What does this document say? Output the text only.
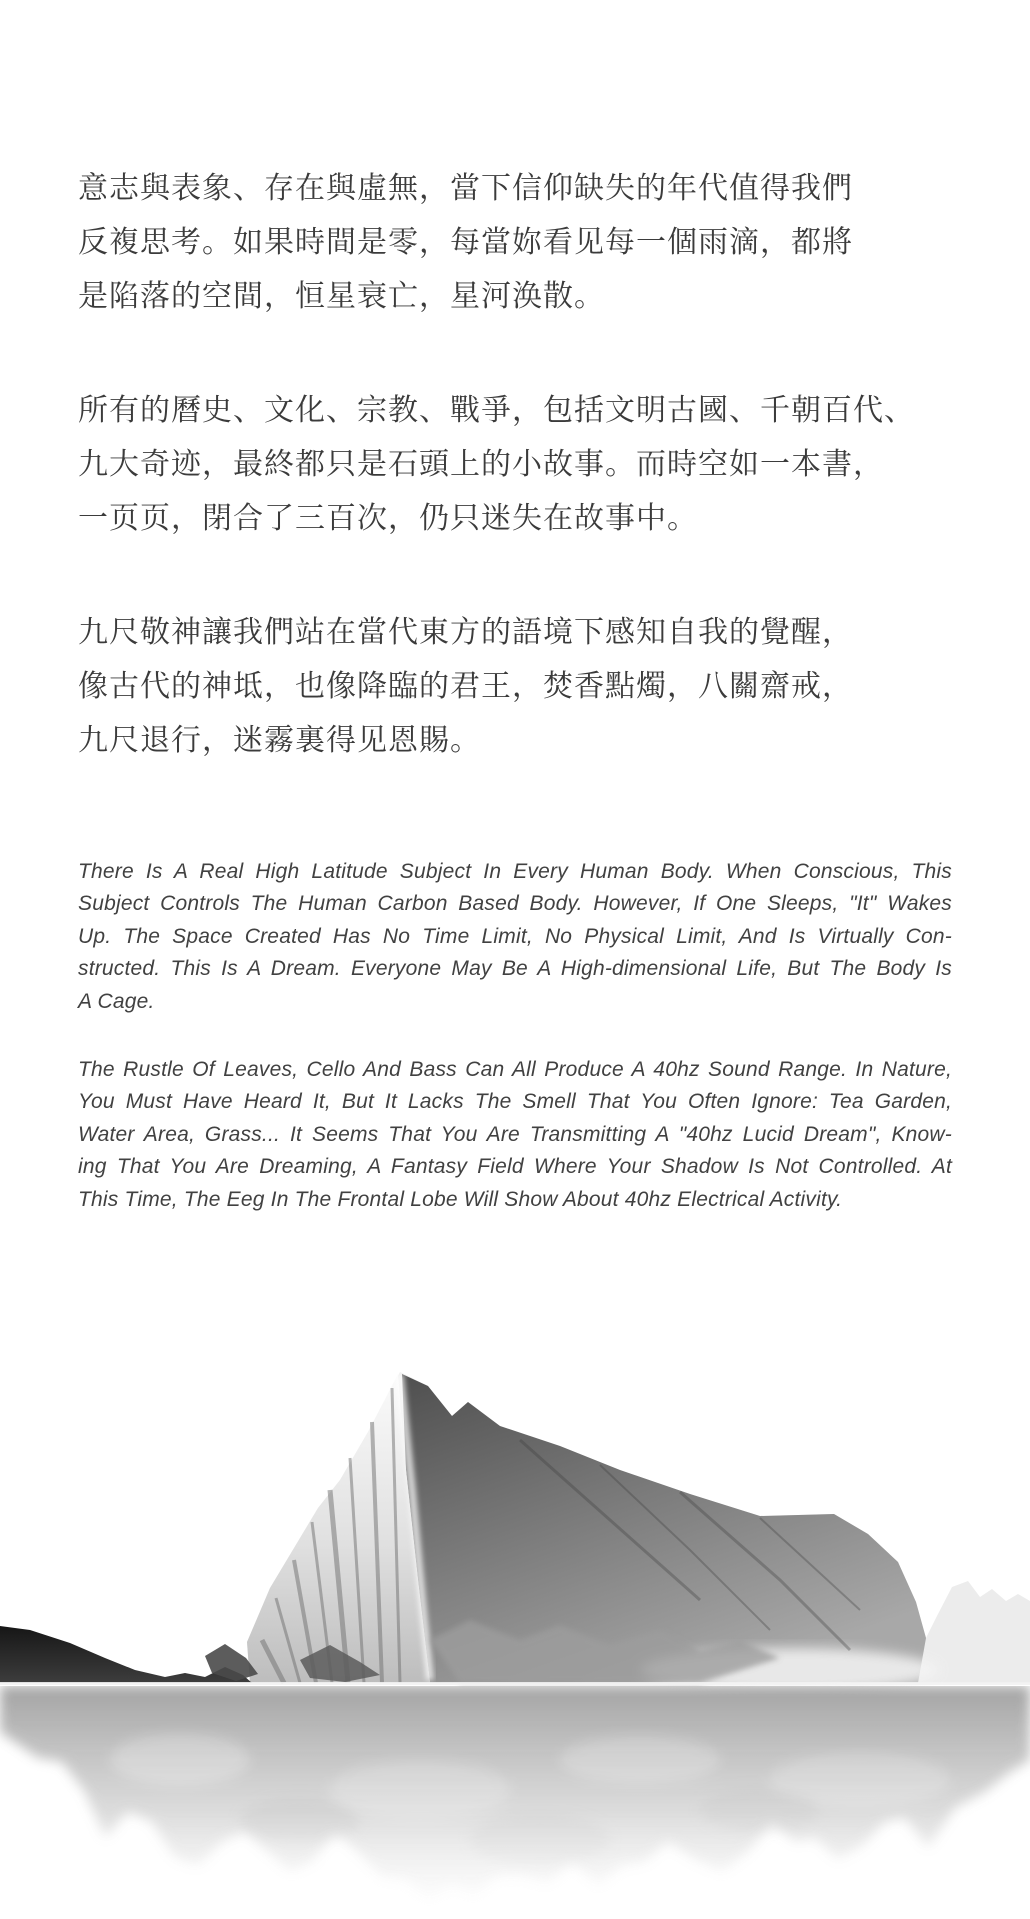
意志與表象、存在與虛無，當下信仰缺失的年代值得我們
反複思考。如果時間是零，每當妳看见每一個雨滴，都將
是陷落的空間，恒星衰亡，星河涣散。
所有的曆史、文化、宗教、戰爭，包括文明古國、千朝百代、
九大奇迹，最終都只是石頭上的小故事。而時空如一本書，
一页页，閉合了三百次，仍只迷失在故事中。
九尺敬神讓我們站在當代東方的語境下感知自我的覺醒，
像古代的神坻，也像降臨的君王，焚香點燭，八關齋戒，
九尺退行，迷霧裏得见恩賜。
There Is A Real High Latitude Subject In Every Human Body. When Conscious, This
Subject Controls The Human Carbon Based Body. However, If One Sleeps, "It" Wakes
Up. The Space Created Has No Time Limit, No Physical Limit, And Is Virtually Con-
structed. This Is A Dream. Everyone May Be A High-dimensional Life, But The Body Is
A Cage.
The Rustle Of Leaves, Cello And Bass Can All Produce A 40hz Sound Range. In Nature,
You Must Have Heard It, But It Lacks The Smell That You Often Ignore: Tea Garden,
Water Area, Grass... It Seems That You Are Transmitting A "40hz Lucid Dream", Know-
ing That You Are Dreaming, A Fantasy Field Where Your Shadow Is Not Controlled. At
This Time, The Eeg In The Frontal Lobe Will Show About 40hz Electrical Activity.
